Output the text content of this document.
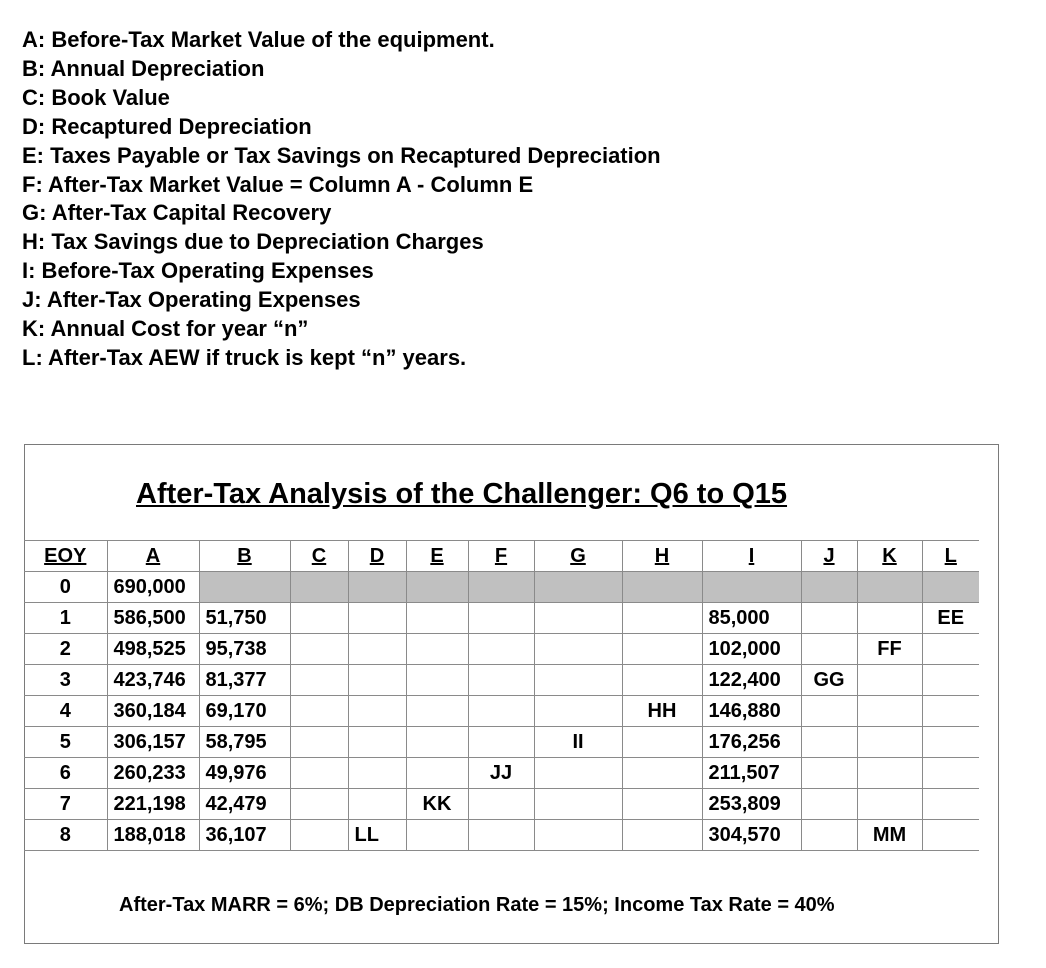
A: Before-Tax Market Value of the equipment.
B: Annual Depreciation
C: Book Value
D: Recaptured Depreciation
E: Taxes Payable or Tax Savings on Recaptured Depreciation
F: After-Tax Market Value = Column A - Column E
G: After-Tax Capital Recovery
H: Tax Savings due to Depreciation Charges
I: Before-Tax Operating Expenses
J: After-Tax Operating Expenses
K: Annual Cost for year “n”
L: After-Tax AEW if truck is kept “n” years.
After-Tax Analysis of the Challenger: Q6 to Q15
EOY	A	B	C	D	E	F	G	H	I	J	K	L
0	690,000											
1	586,500	51,750							85,000			EE
2	498,525	95,738							102,000		FF	
3	423,746	81,377							122,400	GG		
4	360,184	69,170						HH	146,880			
5	306,157	58,795					II		176,256			
6	260,233	49,976				JJ			211,507			
7	221,198	42,479			KK				253,809			
8	188,018	36,107		LL					304,570		MM	
After-Tax MARR = 6%; DB Depreciation Rate = 15%; Income Tax Rate = 40%
